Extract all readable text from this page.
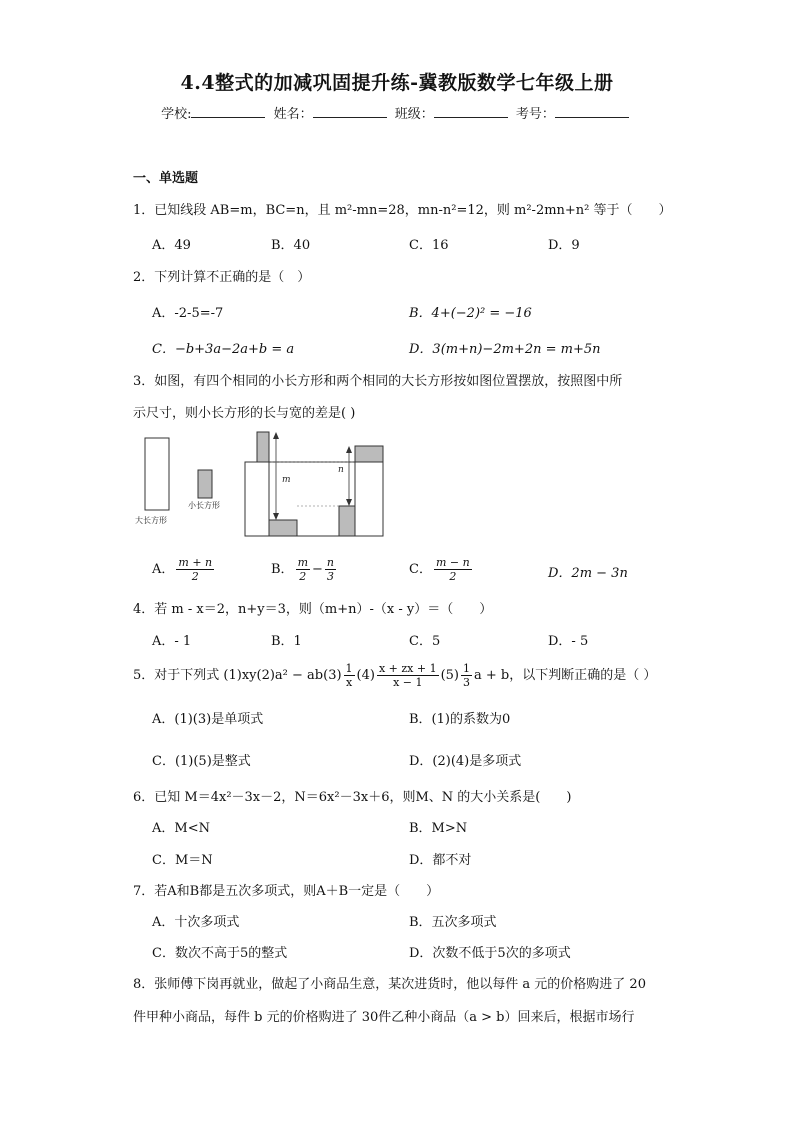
4.4整式的加减巩固提升练-冀教版数学七年级上册
学校:	姓名：	班级：	考号：
一、单选题
1．已知线段 AB=m，BC=n，且 m²-mn=28，mn-n²=12，则 m²-2mn+n² 等于（　　）
A．49	B．40	C．16	D．9
2．下列计算不正确的是（　）
A．-2-5=-7	B．4+(−2)² = −16
C．−b+3a−2a+b = a	D．3(m+n)−2m+2n = m+5n
3．如图，有四个相同的小长方形和两个相同的大长方形按如图位置摆放，按照图中所
示尺寸，则小长方形的长与宽的差是( )
大长方形
小长方形
m
n
A． $\frac{m + n}{2}$	B． $\frac{m}{2} - \frac{n}{3}$	C． $\frac{m - n}{2}$	D．2m − 3n
4．若 m - x＝2，n+y＝3，则（m+n）-（x - y）＝（　　）
A．- 1	B．1	C．5	D．- 5
5．对于下列式 $(1)xy(2)a^2 - ab(3) \frac{1}{x} (4) \frac{x + zx + 1}{x - 1} (5) \frac{1}{3}$ a + b，以下判断正确的是（ ）
A．(1)(3)是单项式	B．(1)的系数为0
C．(1)(5)是整式	D．(2)(4)是多项式
6．已知 M＝4x²－3x－2，N＝6x²－3x＋6，则M、N 的大小关系是(　　)
A．M<N	B．M>N
C．M＝N	D．都不对
7．若A和B都是五次多项式，则A＋B一定是（　　）
A．十次多项式	B．五次多项式
C．数次不高于5的整式	D．次数不低于5次的多项式
8．张师傅下岗再就业，做起了小商品生意，某次进货时，他以每件 a 元的价格购进了 20
件甲种小商品，每件 b 元的价格购进了 30件乙种小商品（a > b）回来后，根据市场行
